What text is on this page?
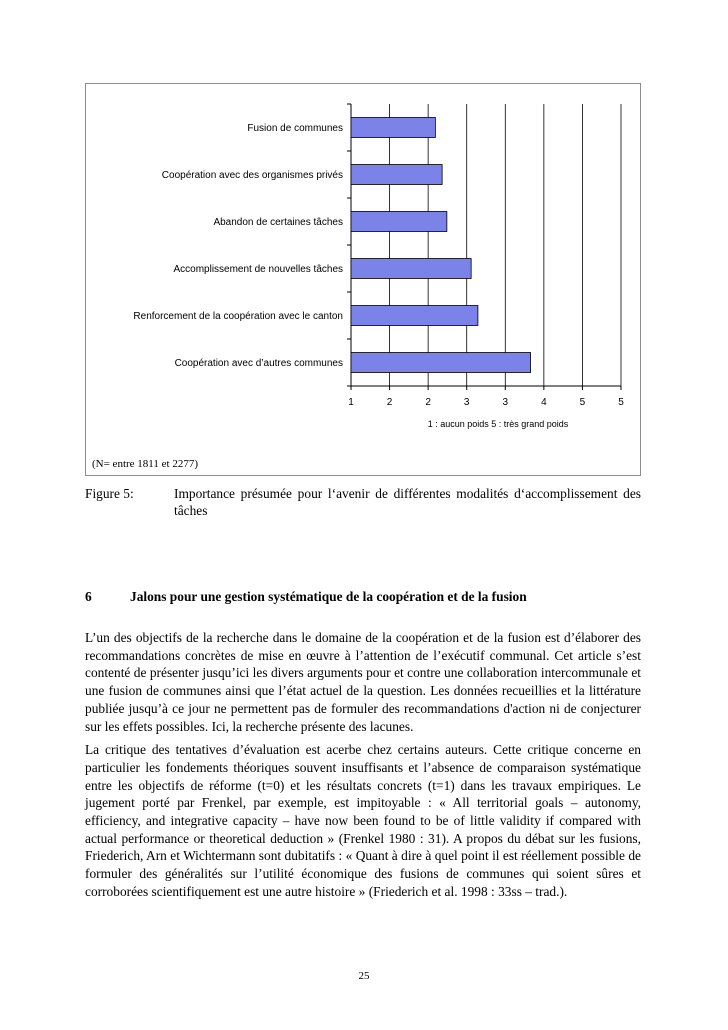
Fusion de communes
Coopération avec des organismes privés
Abandon de certaines tâches
Accomplissement de nouvelles tâches
Renforcement de la coopération avec le canton
Coopération avec d’autres communes
1	2	2	3	3	4	5	5
1 : aucun poids 5 : très grand poids
(N= entre 1811 et 2277)
Figure 5:	Importance présumée pour l‘avenir de différentes modalités d‘accomplissement des tâches
6	Jalons pour une gestion systématique de la coopération et de la fusion

L’un des objectifs de la recherche dans le domaine de la coopération et de la fusion est d’élaborer des recommandations concrètes de mise en œuvre à l’attention de l’exécutif communal. Cet article s’est contenté de présenter jusqu’ici les divers arguments pour et contre une collaboration intercommunale et une fusion de communes ainsi que l’état actuel de la question. Les données recueillies et la littérature publiée jusqu’à ce jour ne permettent pas de formuler des recommandations d'action ni de conjecturer sur les effets possibles. Ici, la recherche présente des lacunes.

La critique des tentatives d’évaluation est acerbe chez certains auteurs. Cette critique concerne en particulier les fondements théoriques souvent insuffisants et l’absence de comparaison systématique entre les objectifs de réforme (t=0) et les résultats concrets (t=1) dans les travaux empiriques. Le jugement porté par Frenkel, par exemple, est impitoyable : « All territorial goals – autonomy, efficiency, and integrative capacity – have now been found to be of little validity if compared with actual performance or theoretical deduction » (Frenkel 1980 : 31). A propos du débat sur les fusions, Friederich, Arn et Wichtermann sont dubitatifs : « Quant à dire à quel point il est réellement possible de formuler des généralités sur l’utilité économique des fusions de communes qui soient sûres et corroborées scientifiquement est une autre histoire » (Friederich et al. 1998 : 33ss – trad.).

25
